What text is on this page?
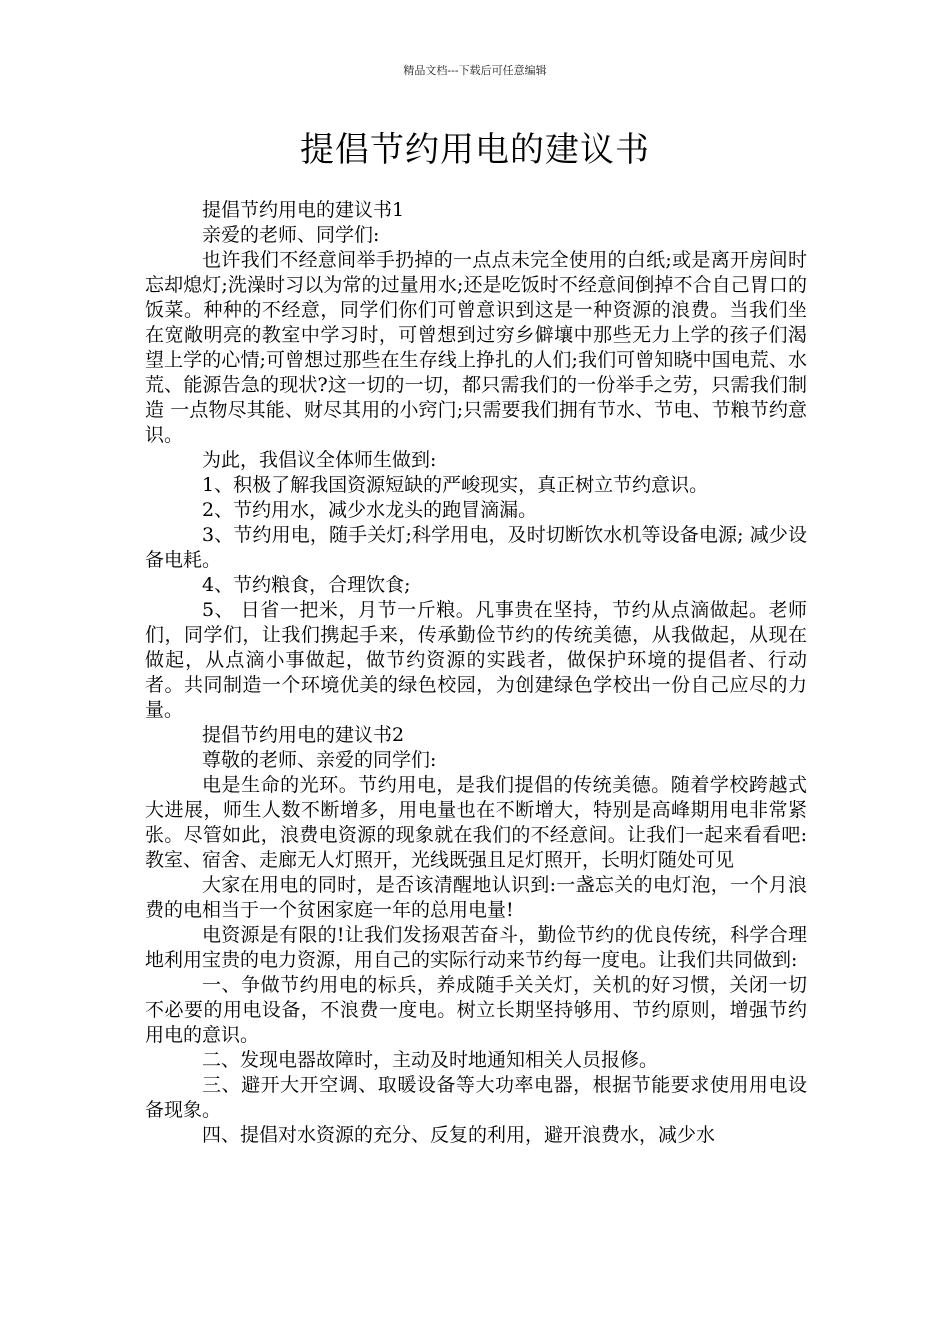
精品文档---下载后可任意编辑
提倡节约用电的建议书

提倡节约用电的建议书1

亲爱的老师、同学们:

也许我们不经意间举手扔掉的一点点未完全使用的白纸;或是离开房间时忘却熄灯;洗澡时习以为常的过量用水;还是吃饭时不经意间倒掉不合自己胃口的饭菜。种种的不经意，同学们你们可曾意识到这是一种资源的浪费。当我们坐在宽敞明亮的教室中学习时，可曾想到过穷乡僻壤中那些无力上学的孩子们渴望上学的心情;可曾想过那些在生存线上挣扎的人们;我们可曾知晓中国电荒、水荒、能源告急的现状?这一切的一切，都只需我们的一份举手之劳，只需我们制造 一点物尽其能、财尽其用的小窍门;只需要我们拥有节水、节电、节粮节约意识。

为此，我倡议全体师生做到:

1、积极了解我国资源短缺的严峻现实，真正树立节约意识。

2、节约用水，减少水龙头的跑冒滴漏。

3、节约用电，随手关灯;科学用电，及时切断饮水机等设备电源; 减少设备电耗。

4、节约粮食，合理饮食;

5、 日省一把米，月节一斤粮。凡事贵在坚持，节约从点滴做起。老师们，同学们，让我们携起手来，传承勤俭节约的传统美德，从我做起，从现在做起，从点滴小事做起，做节约资源的实践者，做保护环境的提倡者、行动者。共同制造一个环境优美的绿色校园，为创建绿色学校出一份自己应尽的力量。

提倡节约用电的建议书2

尊敬的老师、亲爱的同学们:

电是生命的光环。节约用电，是我们提倡的传统美德。随着学校跨越式大进展，师生人数不断增多，用电量也在不断增大，特别是高峰期用电非常紧张。尽管如此，浪费电资源的现象就在我们的不经意间。让我们一起来看看吧:教室、宿舍、走廊无人灯照开，光线既强且足灯照开，长明灯随处可见

大家在用电的同时，是否该清醒地认识到:一盏忘关的电灯泡，一个月浪费的电相当于一个贫困家庭一年的总用电量!

电资源是有限的!让我们发扬艰苦奋斗，勤俭节约的优良传统，科学合理地利用宝贵的电力资源，用自己的实际行动来节约每一度电。让我们共同做到:

一、争做节约用电的标兵，养成随手关关灯，关机的好习惯，关闭一切不必要的用电设备，不浪费一度电。树立长期坚持够用、节约原则，增强节约用电的意识。

二、发现电器故障时，主动及时地通知相关人员报修。

三、避开大开空调、取暖设备等大功率电器，根据节能要求使用用电设备现象。

四、提倡对水资源的充分、反复的利用，避开浪费水，减少水
